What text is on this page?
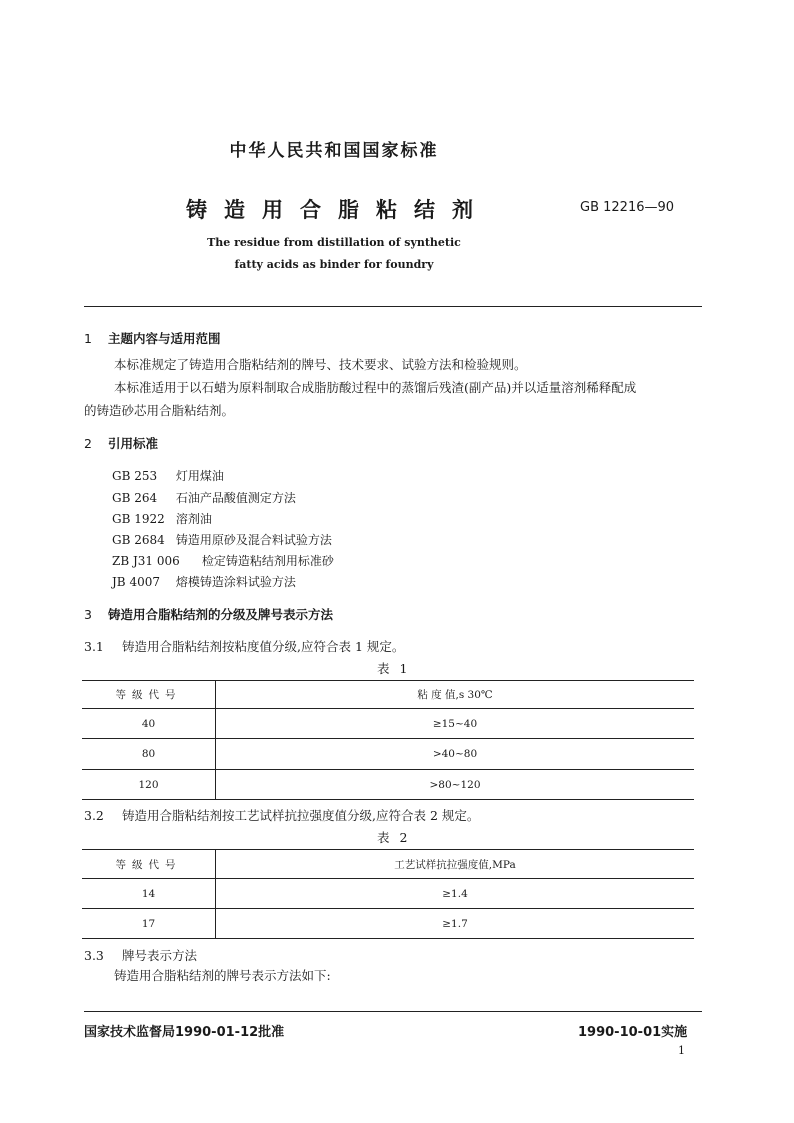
中华人民共和国国家标准
铸造用合脂粘结剂	GB 12216—90
The residue from distillation of synthetic
fatty acids as binder for foundry
1 主题内容与适用范围
本标准规定了铸造用合脂粘结剂的牌号、技术要求、试验方法和检验规则。
本标准适用于以石蜡为原料制取合成脂肪酸过程中的蒸馏后残渣(副产品)并以适量溶剂稀释配成
的铸造砂芯用合脂粘结剂。
2 引用标准
GB 253 灯用煤油
GB 264 石油产品酸值测定方法
GB 1922 溶剂油
GB 2684 铸造用原砂及混合料试验方法
ZB J31 006 检定铸造粘结剂用标准砂
JB 4007 熔模铸造涂料试验方法
3 铸造用合脂粘结剂的分级及牌号表示方法
3.1 铸造用合脂粘结剂按粘度值分级,应符合表 1 规定。
表 1
等级代号	粘 度 值,s 30℃
40	≥15~40
80	>40~80
120	>80~120
3.2 铸造用合脂粘结剂按工艺试样抗拉强度值分级,应符合表 2 规定。
表 2
等级代号	工艺试样抗拉强度值,MPa
14	≥1.4
17	≥1.7
3.3 牌号表示方法
铸造用合脂粘结剂的牌号表示方法如下:
国家技术监督局1990-01-12批准	1990-10-01实施
1
